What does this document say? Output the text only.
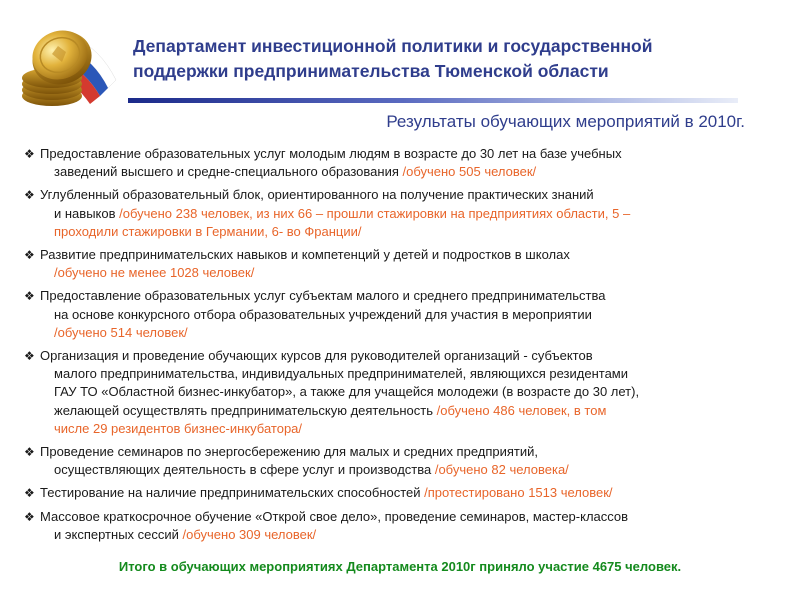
Департамент инвестиционной политики и государственной
поддержки предпринимательства Тюменской области
Результаты обучающих мероприятий в 2010г.
❖ Предоставление образовательных услуг молодым людям в возрасте до 30 лет на базе учебных
заведений высшего и средне-специального образования /обучено 505 человек/
❖ Углубленный образовательный блок, ориентированного на получение практических знаний
и навыков /обучено 238 человек, из них 66 – прошли стажировки на предприятиях области, 5 –
проходили стажировки в Германии, 6- во Франции/
❖ Развитие предпринимательских навыков и компетенций у детей и подростков в школах
/обучено не менее 1028 человек/
❖ Предоставление образовательных услуг субъектам малого и среднего предпринимательства
на основе конкурсного отбора образовательных учреждений для участия в мероприятии
/обучено 514 человек/
❖ Организация и проведение обучающих курсов для руководителей организаций - субъектов
малого предпринимательства, индивидуальных предпринимателей, являющихся резидентами
ГАУ ТО «Областной бизнес-инкубатор», а также для учащейся молодежи (в возрасте до 30 лет),
желающей осуществлять предпринимательскую деятельность /обучено 486 человек, в том
числе 29 резидентов бизнес-инкубатора/
❖ Проведение семинаров по энергосбережению для малых и средних предприятий,
осуществляющих деятельность в сфере услуг и производства /обучено 82 человека/
❖ Тестирование на наличие предпринимательских способностей /протестировано 1513 человек/
❖ Массовое краткосрочное обучение «Открой свое дело», проведение семинаров, мастер-классов
и экспертных сессий /обучено 309 человек/
Итого в обучающих мероприятиях Департамента 2010г приняло участие 4675 человек.
